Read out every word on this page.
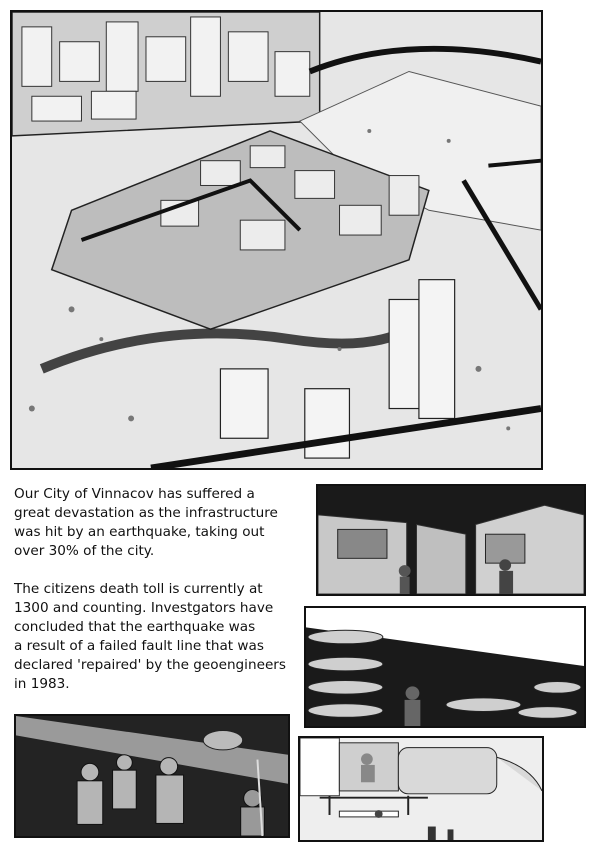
Our City of Vinnacov has suffered a
great devastation as the infrastructure
was hit by an earthquake, taking out
over 30% of the city.

The citizens death toll is currently at
1300 and counting. Investgators have
concluded that the earthquake was
a result of a failed fault line that was
declared 'repaired' by the geoengineers
in 1983.
